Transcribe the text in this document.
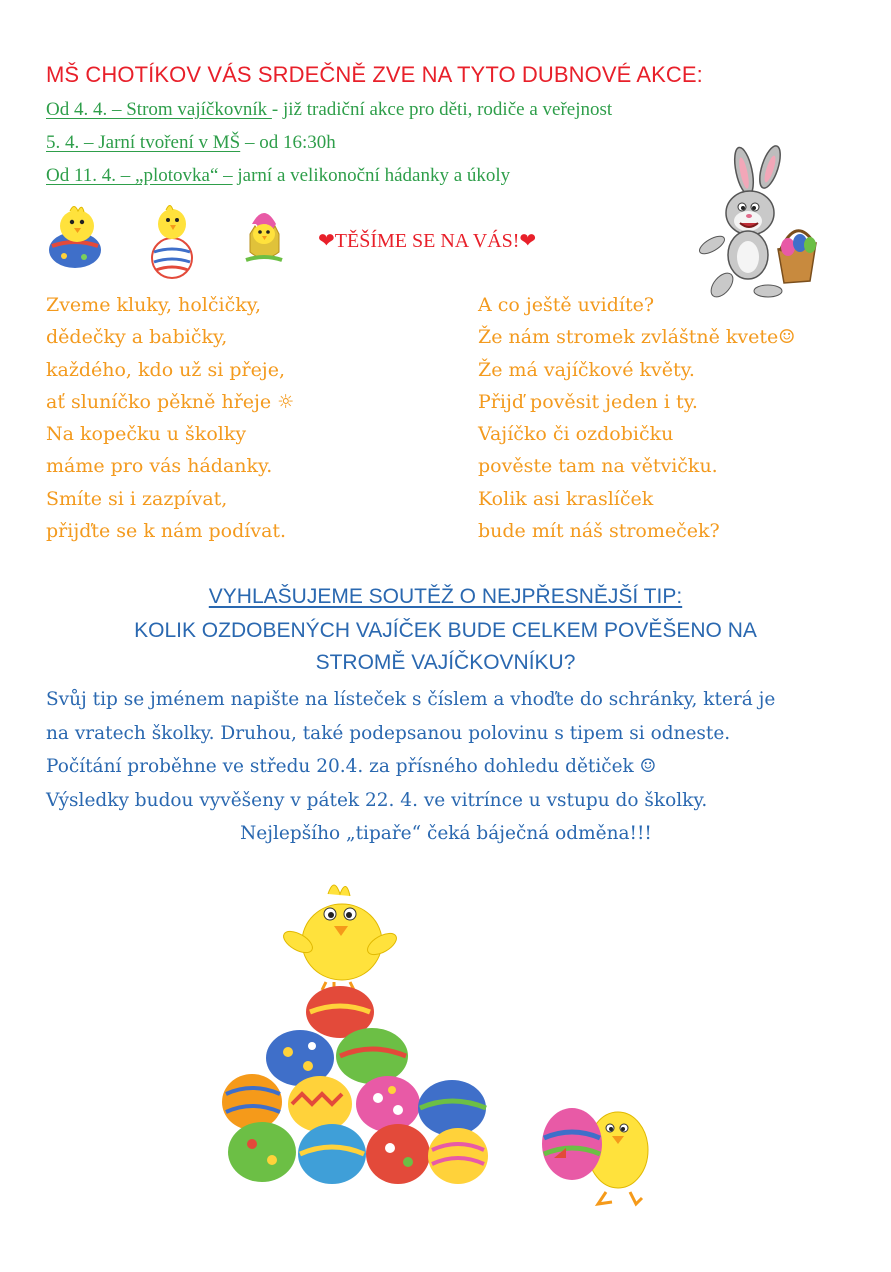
MŠ CHOTÍKOV VÁS SRDEČNĚ ZVE NA TYTO DUBNOVÉ AKCE:
Od 4. 4. – Strom vajíčkovník - již tradiční akce pro děti, rodiče a veřejnost
5. 4. – Jarní tvoření v MŠ – od 16:30h
Od 11. 4. – „plotovka“ – jarní a velikonoční hádanky a úkoly
❤TĚŠÍME SE NA VÁS!❤
Zveme kluky, holčičky,
dědečky a babičky,
každého, kdo už si přeje,
ať sluníčko pěkně hřeje ☼
Na kopečku u školky
máme pro vás hádanky.
Smíte si i zazpívat,
přijďte se k nám podívat.
A co ještě uvidíte?
Že nám stromek zvláštně kvete☺
Že má vajíčkové květy.
Přijď pověsit jeden i ty.
Vajíčko či ozdobičku
pověste tam na větvičku.
Kolik asi kraslíček
bude mít náš stromeček?
VYHLAŠUJEME SOUTĚŽ O NEJPŘESNĚJŠÍ TIP:
KOLIK OZDOBENÝCH VAJÍČEK BUDE CELKEM POVĚŠENO NA
STROMĚ VAJÍČKOVNÍKU?
Svůj tip se jménem napište na lísteček s číslem a vhoďte do schránky, která je
na vratech školky. Druhou, také podepsanou polovinu s tipem si odneste.
Počítání proběhne ve středu 20.4. za přísného dohledu dětiček ☺
Výsledky budou vyvěšeny v pátek 22. 4. ve vitrínce u vstupu do školky.
Nejlepšího „tipaře“ čeká báječná odměna!!!
